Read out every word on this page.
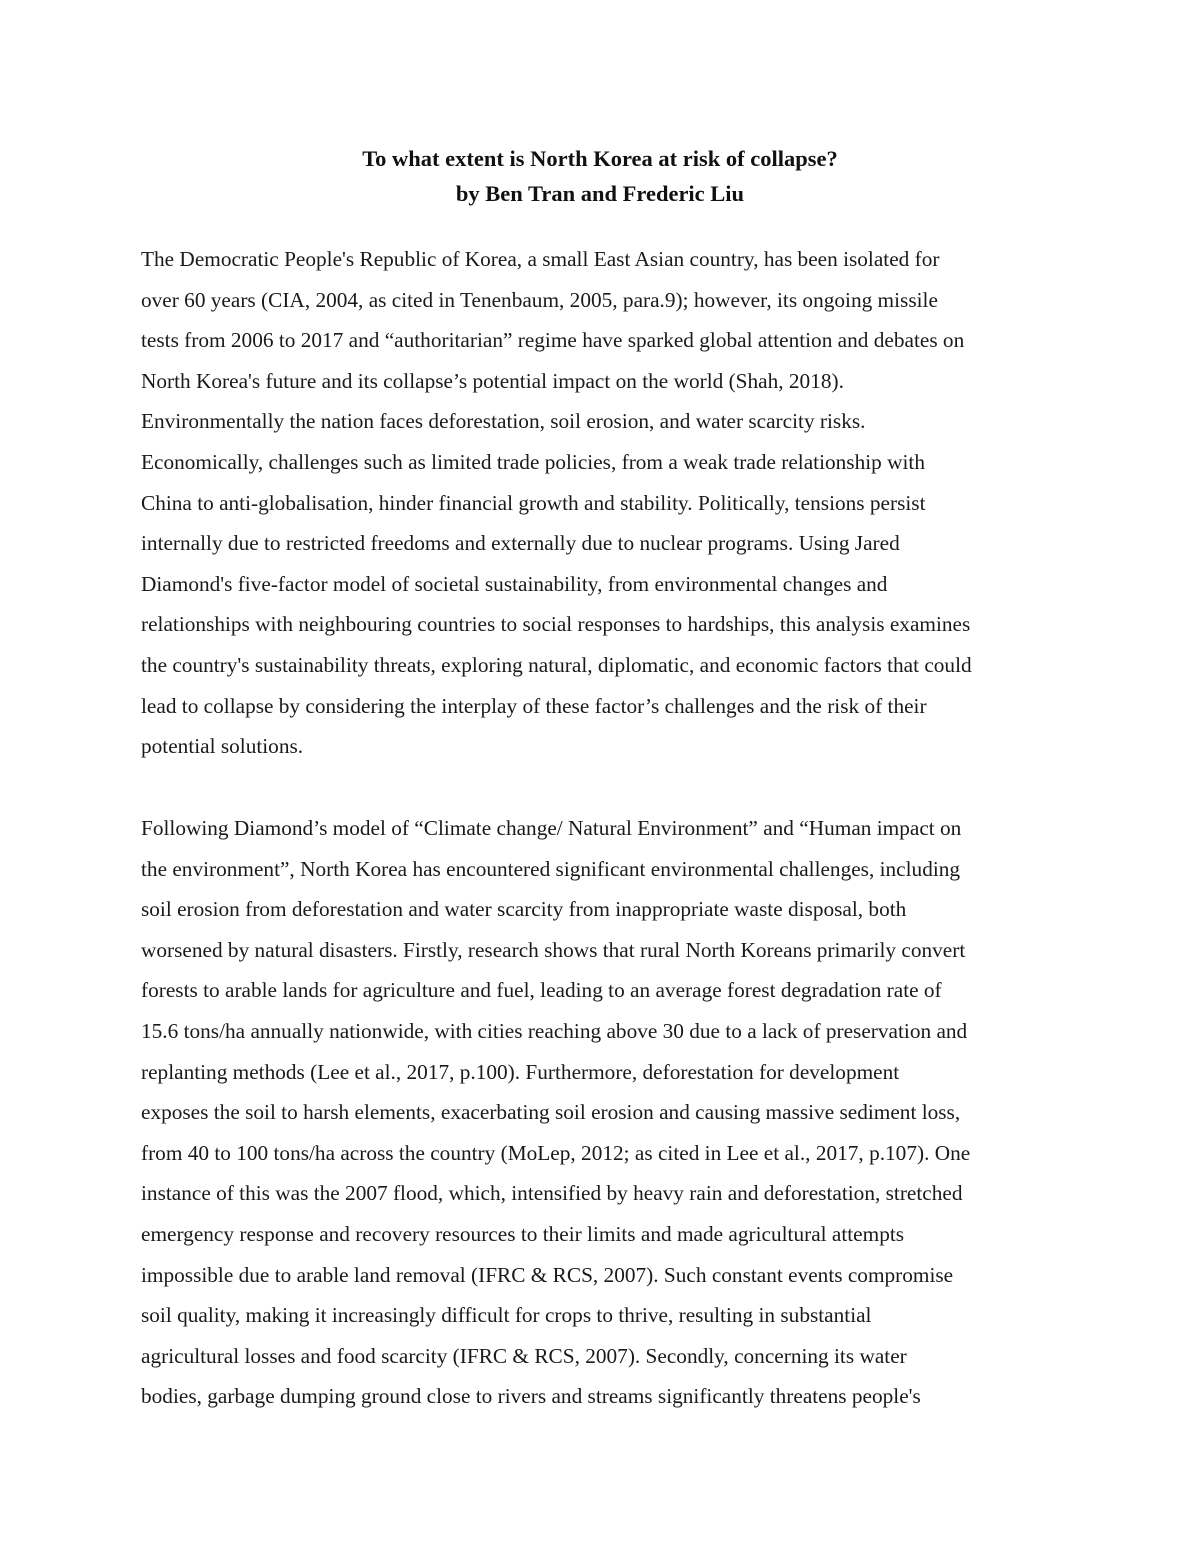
To what extent is North Korea at risk of collapse?
by Ben Tran and Frederic Liu
The Democratic People's Republic of Korea, a small East Asian country, has been isolated for
over 60 years (CIA, 2004, as cited in Tenenbaum, 2005, para.9); however, its ongoing missile
tests from 2006 to 2017 and “authoritarian” regime have sparked global attention and debates on
North Korea's future and its collapse’s potential impact on the world (Shah, 2018).
Environmentally the nation faces deforestation, soil erosion, and water scarcity risks.
Economically, challenges such as limited trade policies, from a weak trade relationship with
China to anti-globalisation, hinder financial growth and stability. Politically, tensions persist
internally due to restricted freedoms and externally due to nuclear programs. Using Jared
Diamond's five-factor model of societal sustainability, from environmental changes and
relationships with neighbouring countries to social responses to hardships, this analysis examines
the country's sustainability threats, exploring natural, diplomatic, and economic factors that could
lead to collapse by considering the interplay of these factor’s challenges and the risk of their
potential solutions.
Following Diamond’s model of “Climate change/ Natural Environment” and “Human impact on
the environment”, North Korea has encountered significant environmental challenges, including
soil erosion from deforestation and water scarcity from inappropriate waste disposal, both
worsened by natural disasters. Firstly, research shows that rural North Koreans primarily convert
forests to arable lands for agriculture and fuel, leading to an average forest degradation rate of
15.6 tons/ha annually nationwide, with cities reaching above 30 due to a lack of preservation and
replanting methods (Lee et al., 2017, p.100). Furthermore, deforestation for development
exposes the soil to harsh elements, exacerbating soil erosion and causing massive sediment loss,
from 40 to 100 tons/ha across the country (MoLep, 2012; as cited in Lee et al., 2017, p.107). One
instance of this was the 2007 flood, which, intensified by heavy rain and deforestation, stretched
emergency response and recovery resources to their limits and made agricultural attempts
impossible due to arable land removal (IFRC & RCS, 2007). Such constant events compromise
soil quality, making it increasingly difficult for crops to thrive, resulting in substantial
agricultural losses and food scarcity (IFRC & RCS, 2007). Secondly, concerning its water
bodies, garbage dumping ground close to rivers and streams significantly threatens people's
